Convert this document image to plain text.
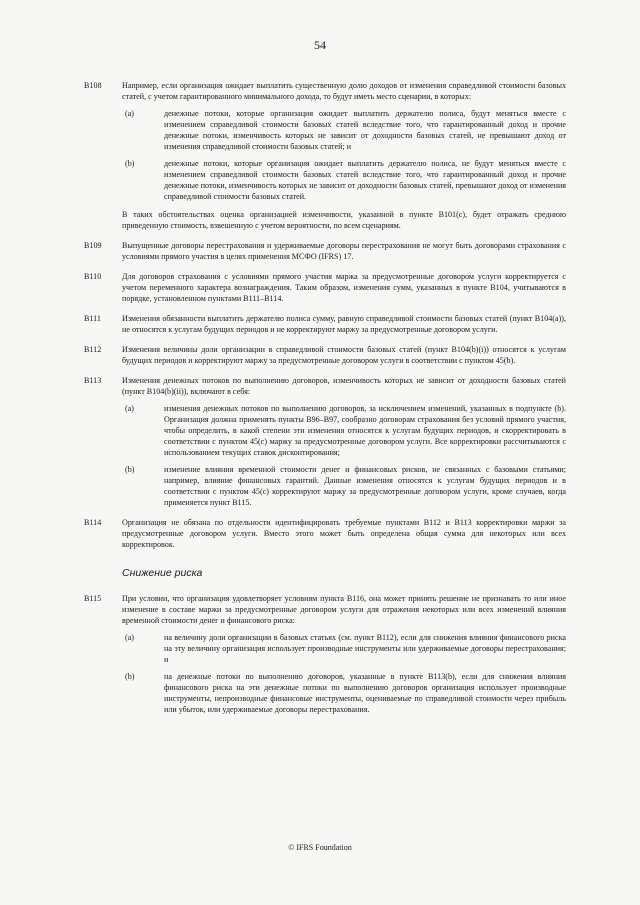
54
B108	Например, если организация ожидает выплатить существенную долю доходов от изменения справедливой стоимости базовых статей, с учетом гарантированного минимального дохода, то будут иметь место сценарии, в которых:
(a)	денежные потоки, которые организация ожидает выплатить держателю полиса, будут меняться вместе с изменением справедливой стоимости базовых статей вследствие того, что гарантированный доход и прочие денежные потоки, изменчивость которых не зависит от доходности базовых статей, не превышают доход от изменения справедливой стоимости базовых статей; и
(b)	денежные потоки, которые организация ожидает выплатить держателю полиса, не будут меняться вместе с изменением справедливой стоимости базовых статей вследствие того, что гарантированный доход и прочие денежные потоки, изменчивость которых не зависит от доходности базовых статей, превышают доход от изменения справедливой стоимости базовых статей.
В таких обстоятельствах оценка организацией изменчивости, указанной в пункте B101(c), будет отражать среднюю приведенную стоимость, взвешенную с учетом вероятности, по всем сценариям.
B109	Выпущенные договоры перестрахования и удерживаемые договоры перестрахования не могут быть договорами страхования с условиями прямого участия в целях применения МСФО (IFRS) 17.
B110	Для договоров страхования с условиями прямого участия маржа за предусмотренные договором услуги корректируется с учетом переменного характера вознаграждения. Таким образом, изменения сумм, указанных в пункте B104, учитываются в порядке, установленном пунктами B111–B114.
B111	Изменения обязанности выплатить держателю полиса сумму, равную справедливой стоимости базовых статей (пункт B104(a)), не относятся к услугам будущих периодов и не корректируют маржу за предусмотренные договором услуги.
B112	Изменения величины доли организации в справедливой стоимости базовых статей (пункт B104(b)(i)) относятся к услугам будущих периодов и корректируют маржу за предусмотренные договором услуги в соответствии с пунктом 45(b).
B113	Изменения денежных потоков по выполнению договоров, изменчивость которых не зависит от доходности базовых статей (пункт B104(b)(ii)), включают в себя:
(a)	изменения денежных потоков по выполнению договоров, за исключением изменений, указанных в подпункте (b). Организация должна применять пункты B96–B97, сообразно договорам страхования без условий прямого участия, чтобы определить, в какой степени эти изменения относятся к услугам будущих периодов, и скорректировать в соответствии с пунктом 45(c) маржу за предусмотренные договором услуги. Все корректировки рассчитываются с использованием текущих ставок дисконтирования;
(b)	изменение влияния временной стоимости денег и финансовых рисков, не связанных с базовыми статьями; например, влияние финансовых гарантий. Данные изменения относятся к услугам будущих периодов и в соответствии с пунктом 45(c) корректируют маржу за предусмотренные договором услуги, кроме случаев, когда применяется пункт B115.
B114	Организация не обязана по отдельности идентифицировать требуемые пунктами B112 и B113 корректировки маржи за предусмотренные договором услуги. Вместо этого может быть определена общая сумма для некоторых или всех корректировок.
Снижение риска
B115	При условии, что организация удовлетворяет условиям пункта B116, она может принять решение не признавать то или иное изменение в составе маржи за предусмотренные договором услуги для отражения некоторых или всех изменений влияния временной стоимости денег и финансового риска:
(a)	на величину доли организации в базовых статьях (см. пункт B112), если для снижения влияния финансового риска на эту величину организация использует производные инструменты или удерживаемые договоры перестрахования; и
(b)	на денежные потоки по выполнению договоров, указанные в пункте B113(b), если для снижения влияния финансового риска на эти денежные потоки по выполнению договоров организация использует производные инструменты, непроизводные финансовые инструменты, оцениваемые по справедливой стоимости через прибыль или убыток, или удерживаемые договоры перестрахования.
© IFRS Foundation
